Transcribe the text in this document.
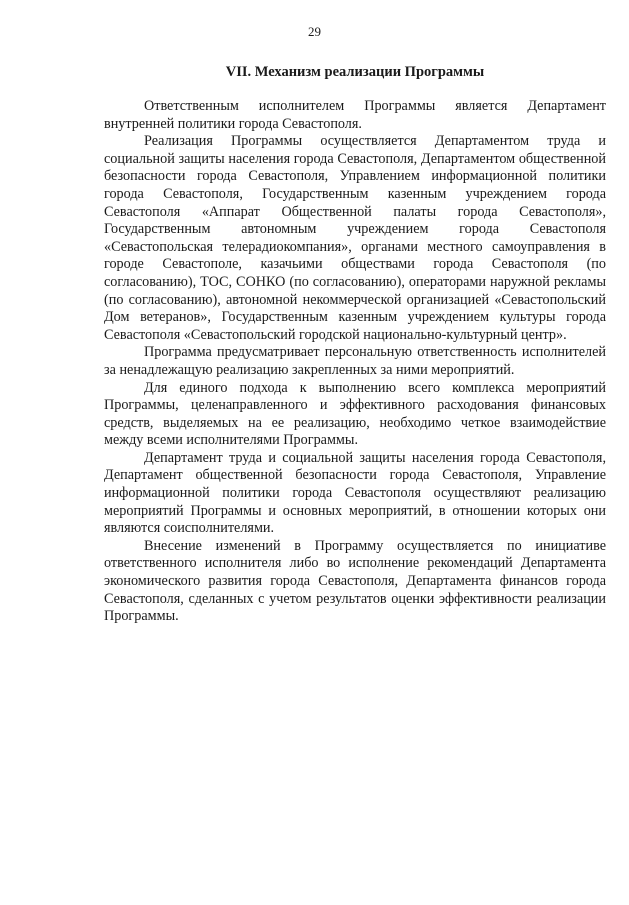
29
VII. Механизм реализации Программы

Ответственным исполнителем Программы является Департамент внутренней политики города Севастополя.

Реализация Программы осуществляется Департаментом труда и социальной защиты населения города Севастополя, Департаментом общественной безопасности города Севастополя, Управлением информационной политики города Севастополя, Государственным казенным учреждением города Севастополя «Аппарат Общественной палаты города Севастополя», Государственным автономным учреждением города Севастополя «Севастопольская телерадиокомпания», органами местного самоуправления в городе Севастополе, казачьими обществами города Севастополя (по согласованию), ТОС, СОНКО (по согласованию), операторами наружной рекламы (по согласованию), автономной некоммерческой организацией «Севастопольский Дом ветеранов», Государственным казенным учреждением культуры города Севастополя «Севастопольский городской национально-культурный центр».

Программа предусматривает персональную ответственность исполнителей за ненадлежащую реализацию закрепленных за ними мероприятий.

Для единого подхода к выполнению всего комплекса мероприятий Программы, целенаправленного и эффективного расходования финансовых средств, выделяемых на ее реализацию, необходимо четкое взаимодействие между всеми исполнителями Программы.

Департамент труда и социальной защиты населения города Севастополя, Департамент общественной безопасности города Севастополя, Управление информационной политики города Севастополя осуществляют реализацию мероприятий Программы и основных мероприятий, в отношении которых они являются соисполнителями.

Внесение изменений в Программу осуществляется по инициативе ответственного исполнителя либо во исполнение рекомендаций Департамента экономического развития города Севастополя, Департамента финансов города Севастополя, сделанных с учетом результатов оценки эффективности реализации Программы.
